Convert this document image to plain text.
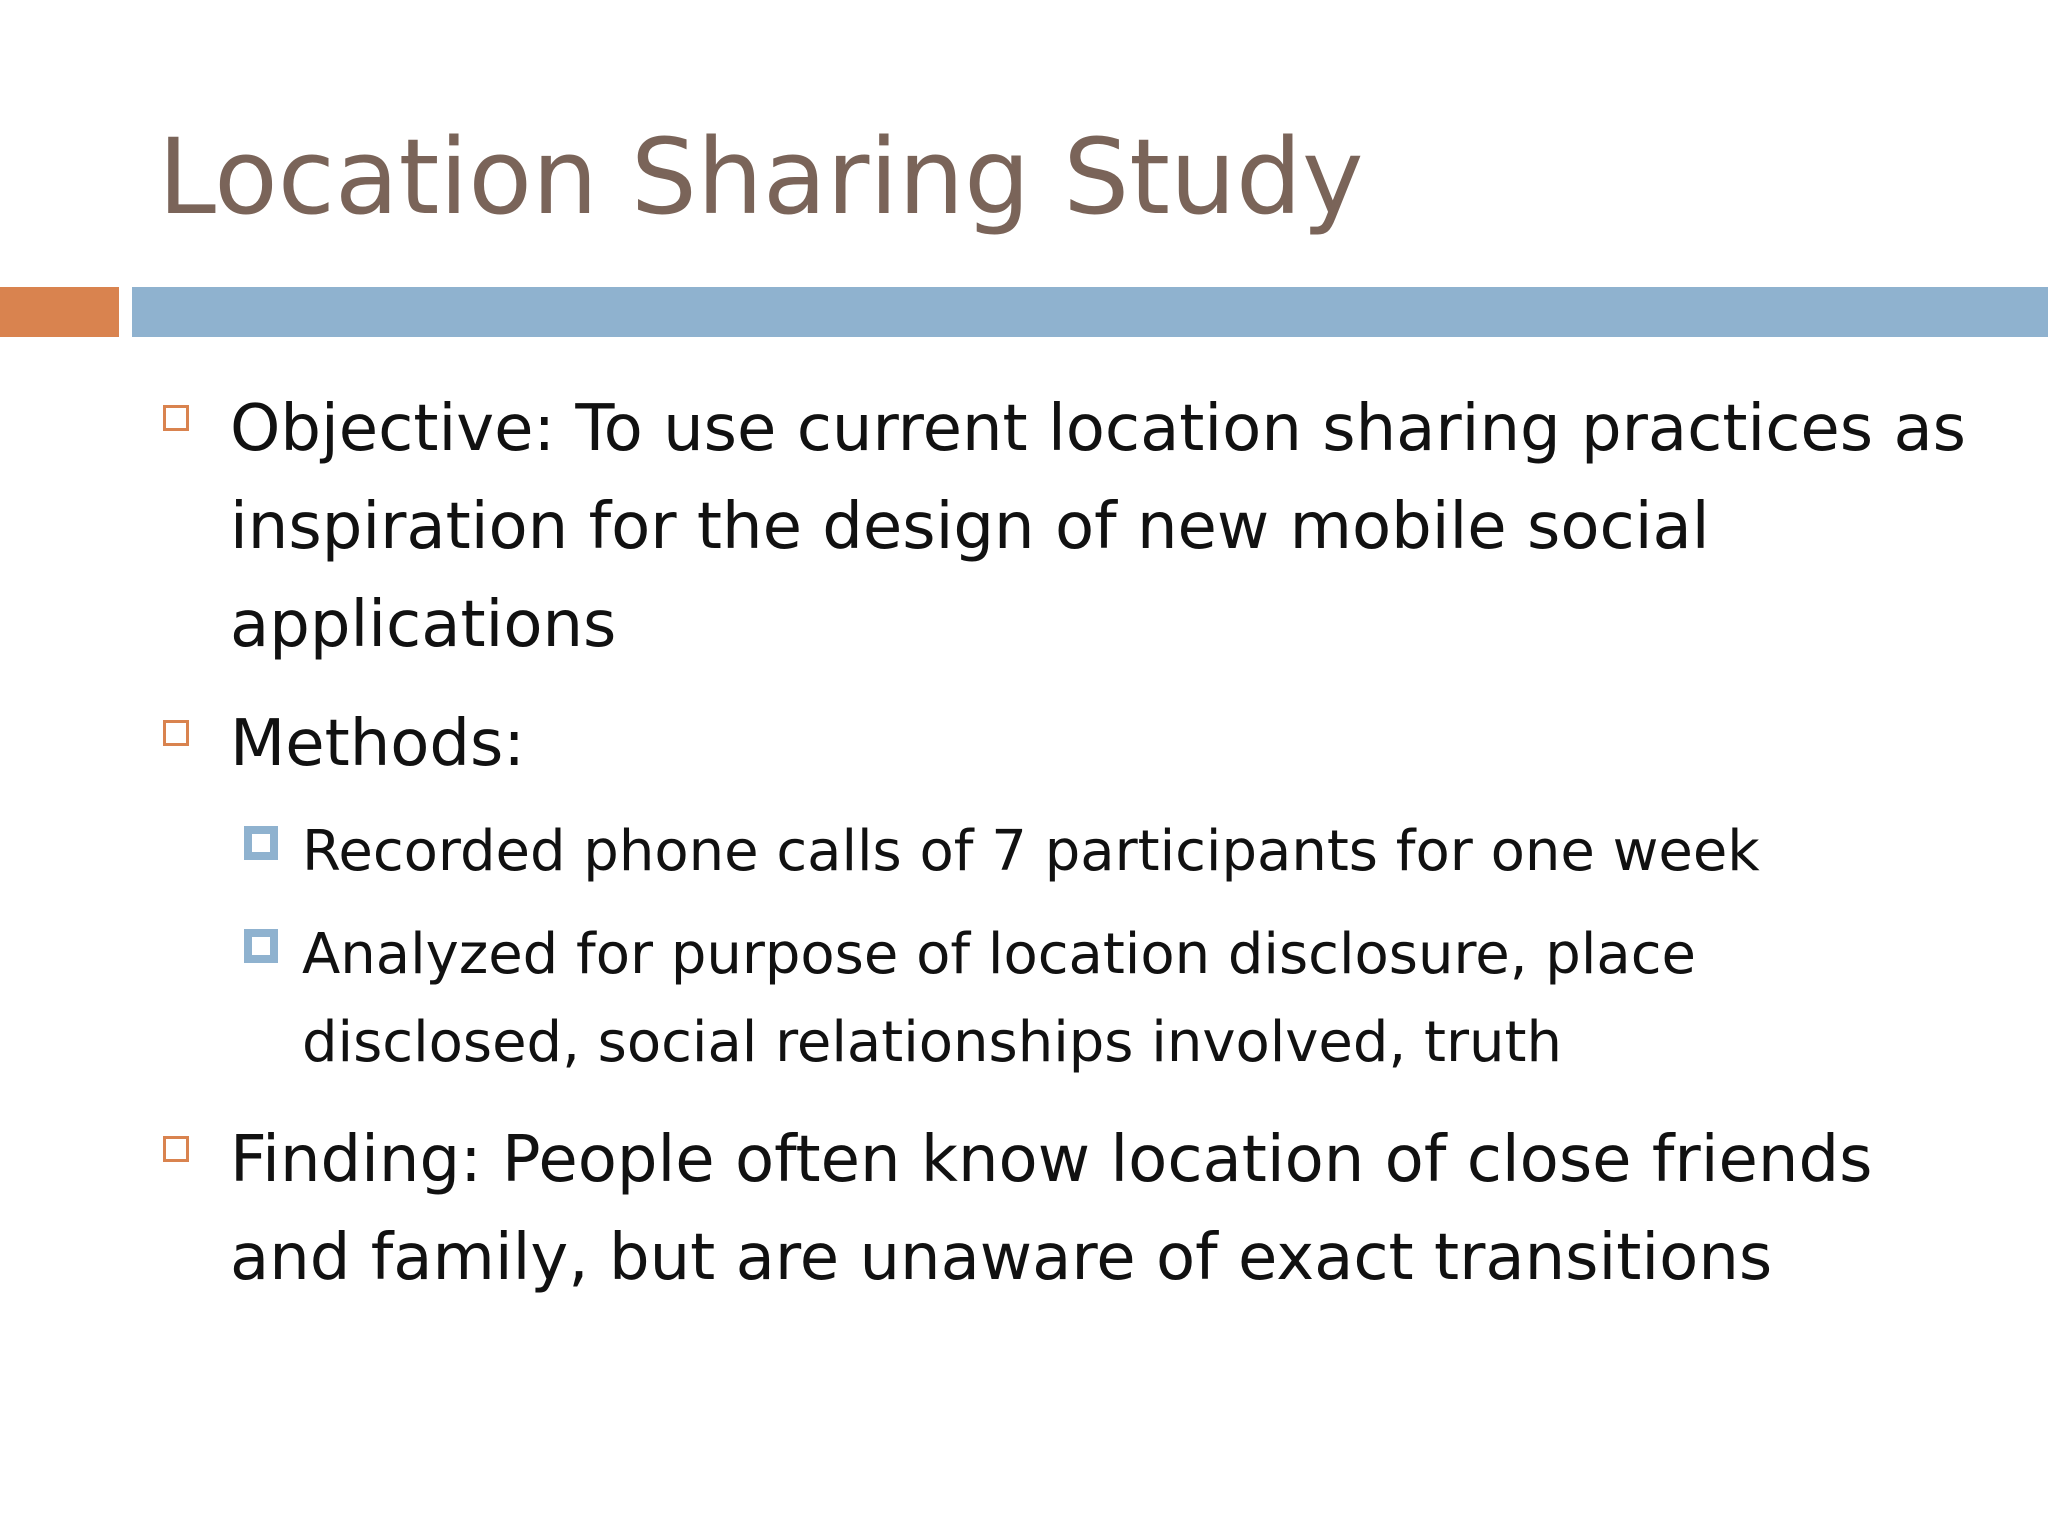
Location Sharing Study

Objective: To use current location sharing practices as inspiration for the design of new mobile social applications

Methods:

Recorded phone calls of 7 participants for one week

Analyzed for purpose of location disclosure, place disclosed, social relationships involved, truth

Finding: People often know location of close friends and family, but are unaware of exact transitions
